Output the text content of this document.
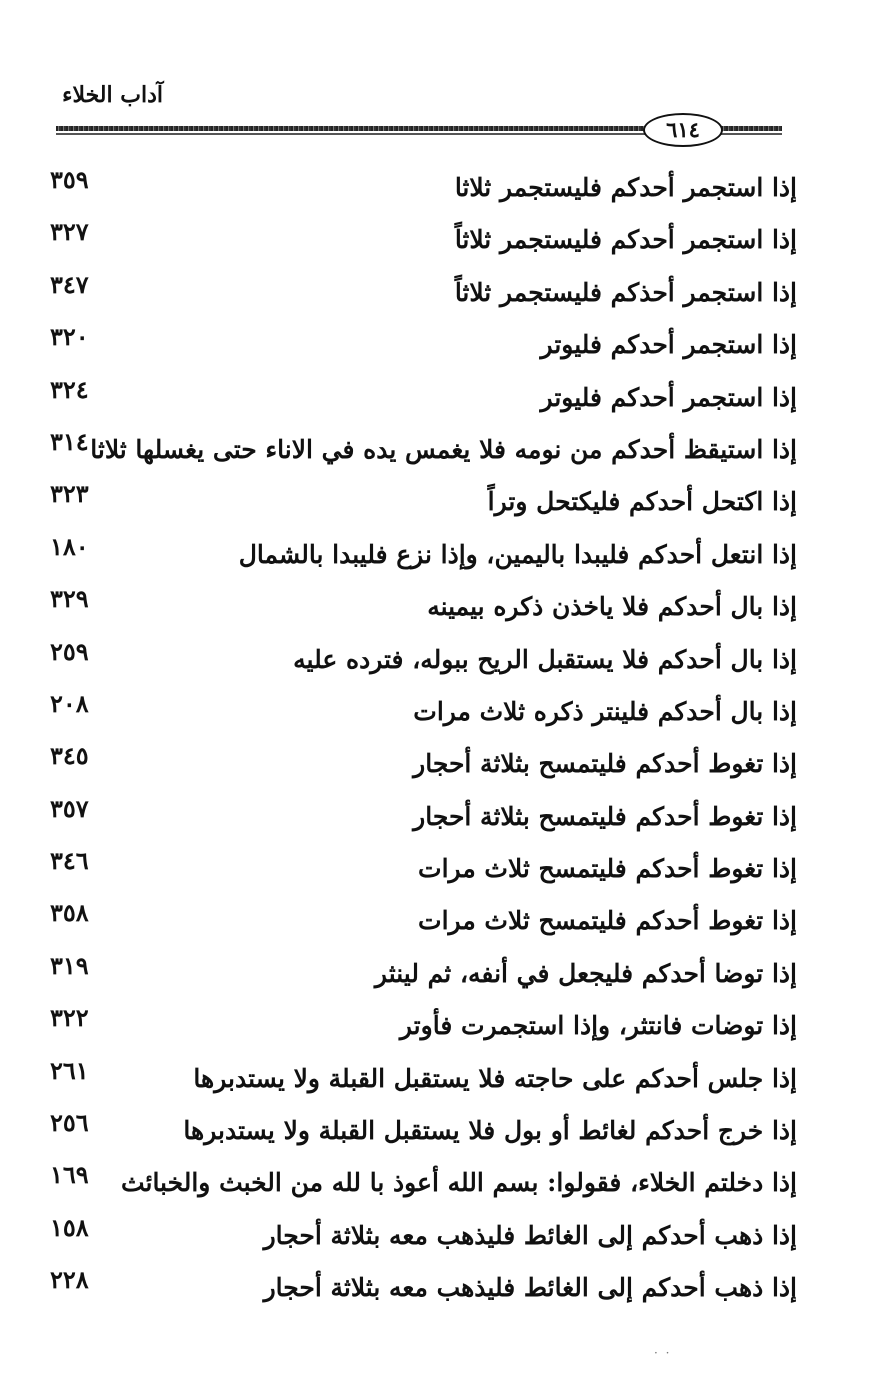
آداب الخلاء
٦١٤
إذا استجمر أحدكم فليستجمر ثلاثا
٣٥٩
إذا استجمر أحدكم فليستجمر ثلاثاً
٣٢٧
إذا استجمر أحذكم فليستجمر ثلاثاً
٣٤٧
إذا استجمر أحدكم فليوتر
٣٢٠
إذا استجمر أحدكم فليوتر
٣٢٤
إذا استيقظ أحدكم من نومه فلا يغمس يده في الاناء حتى يغسلها ثلاثا
٣١٤
إذا اكتحل أحدكم فليكتحل وتراً
٣٢٣
إذا انتعل أحدكم فليبدا باليمين، وإذا نزع فليبدا بالشمال
١٨٠
إذا بال أحدكم فلا ياخذن ذكره بيمينه
٣٢٩
إذا بال أحدكم فلا يستقبل الريح ببوله، فترده عليه
٢٥٩
إذا بال أحدكم فلينتر ذكره ثلاث مرات
٢٠٨
إذا تغوط أحدكم فليتمسح بثلاثة أحجار
٣٤٥
إذا تغوط أحدكم فليتمسح بثلاثة أحجار
٣٥٧
إذا تغوط أحدكم فليتمسح ثلاث مرات
٣٤٦
إذا تغوط أحدكم فليتمسح ثلاث مرات
٣٥٨
إذا توضا أحدكم فليجعل في أنفه، ثم لينثر
٣١٩
إذا توضات فانتثر، وإذا استجمرت فأوتر
٣٢٢
إذا جلس أحدكم على حاجته فلا يستقبل القبلة ولا يستدبرها
٢٦١
إذا خرج أحدكم لغائط أو بول فلا يستقبل القبلة ولا يستدبرها
٢٥٦
إذا دخلتم الخلاء، فقولوا: بسم الله أعوذ با لله من الخبث والخبائث
١٦٩
إذا ذهب أحدكم إلى الغائط فليذهب معه بثلاثة أحجار
١٥٨
إذا ذهب أحدكم إلى الغائط فليذهب معه بثلاثة أحجار
٢٢٨
· ·
